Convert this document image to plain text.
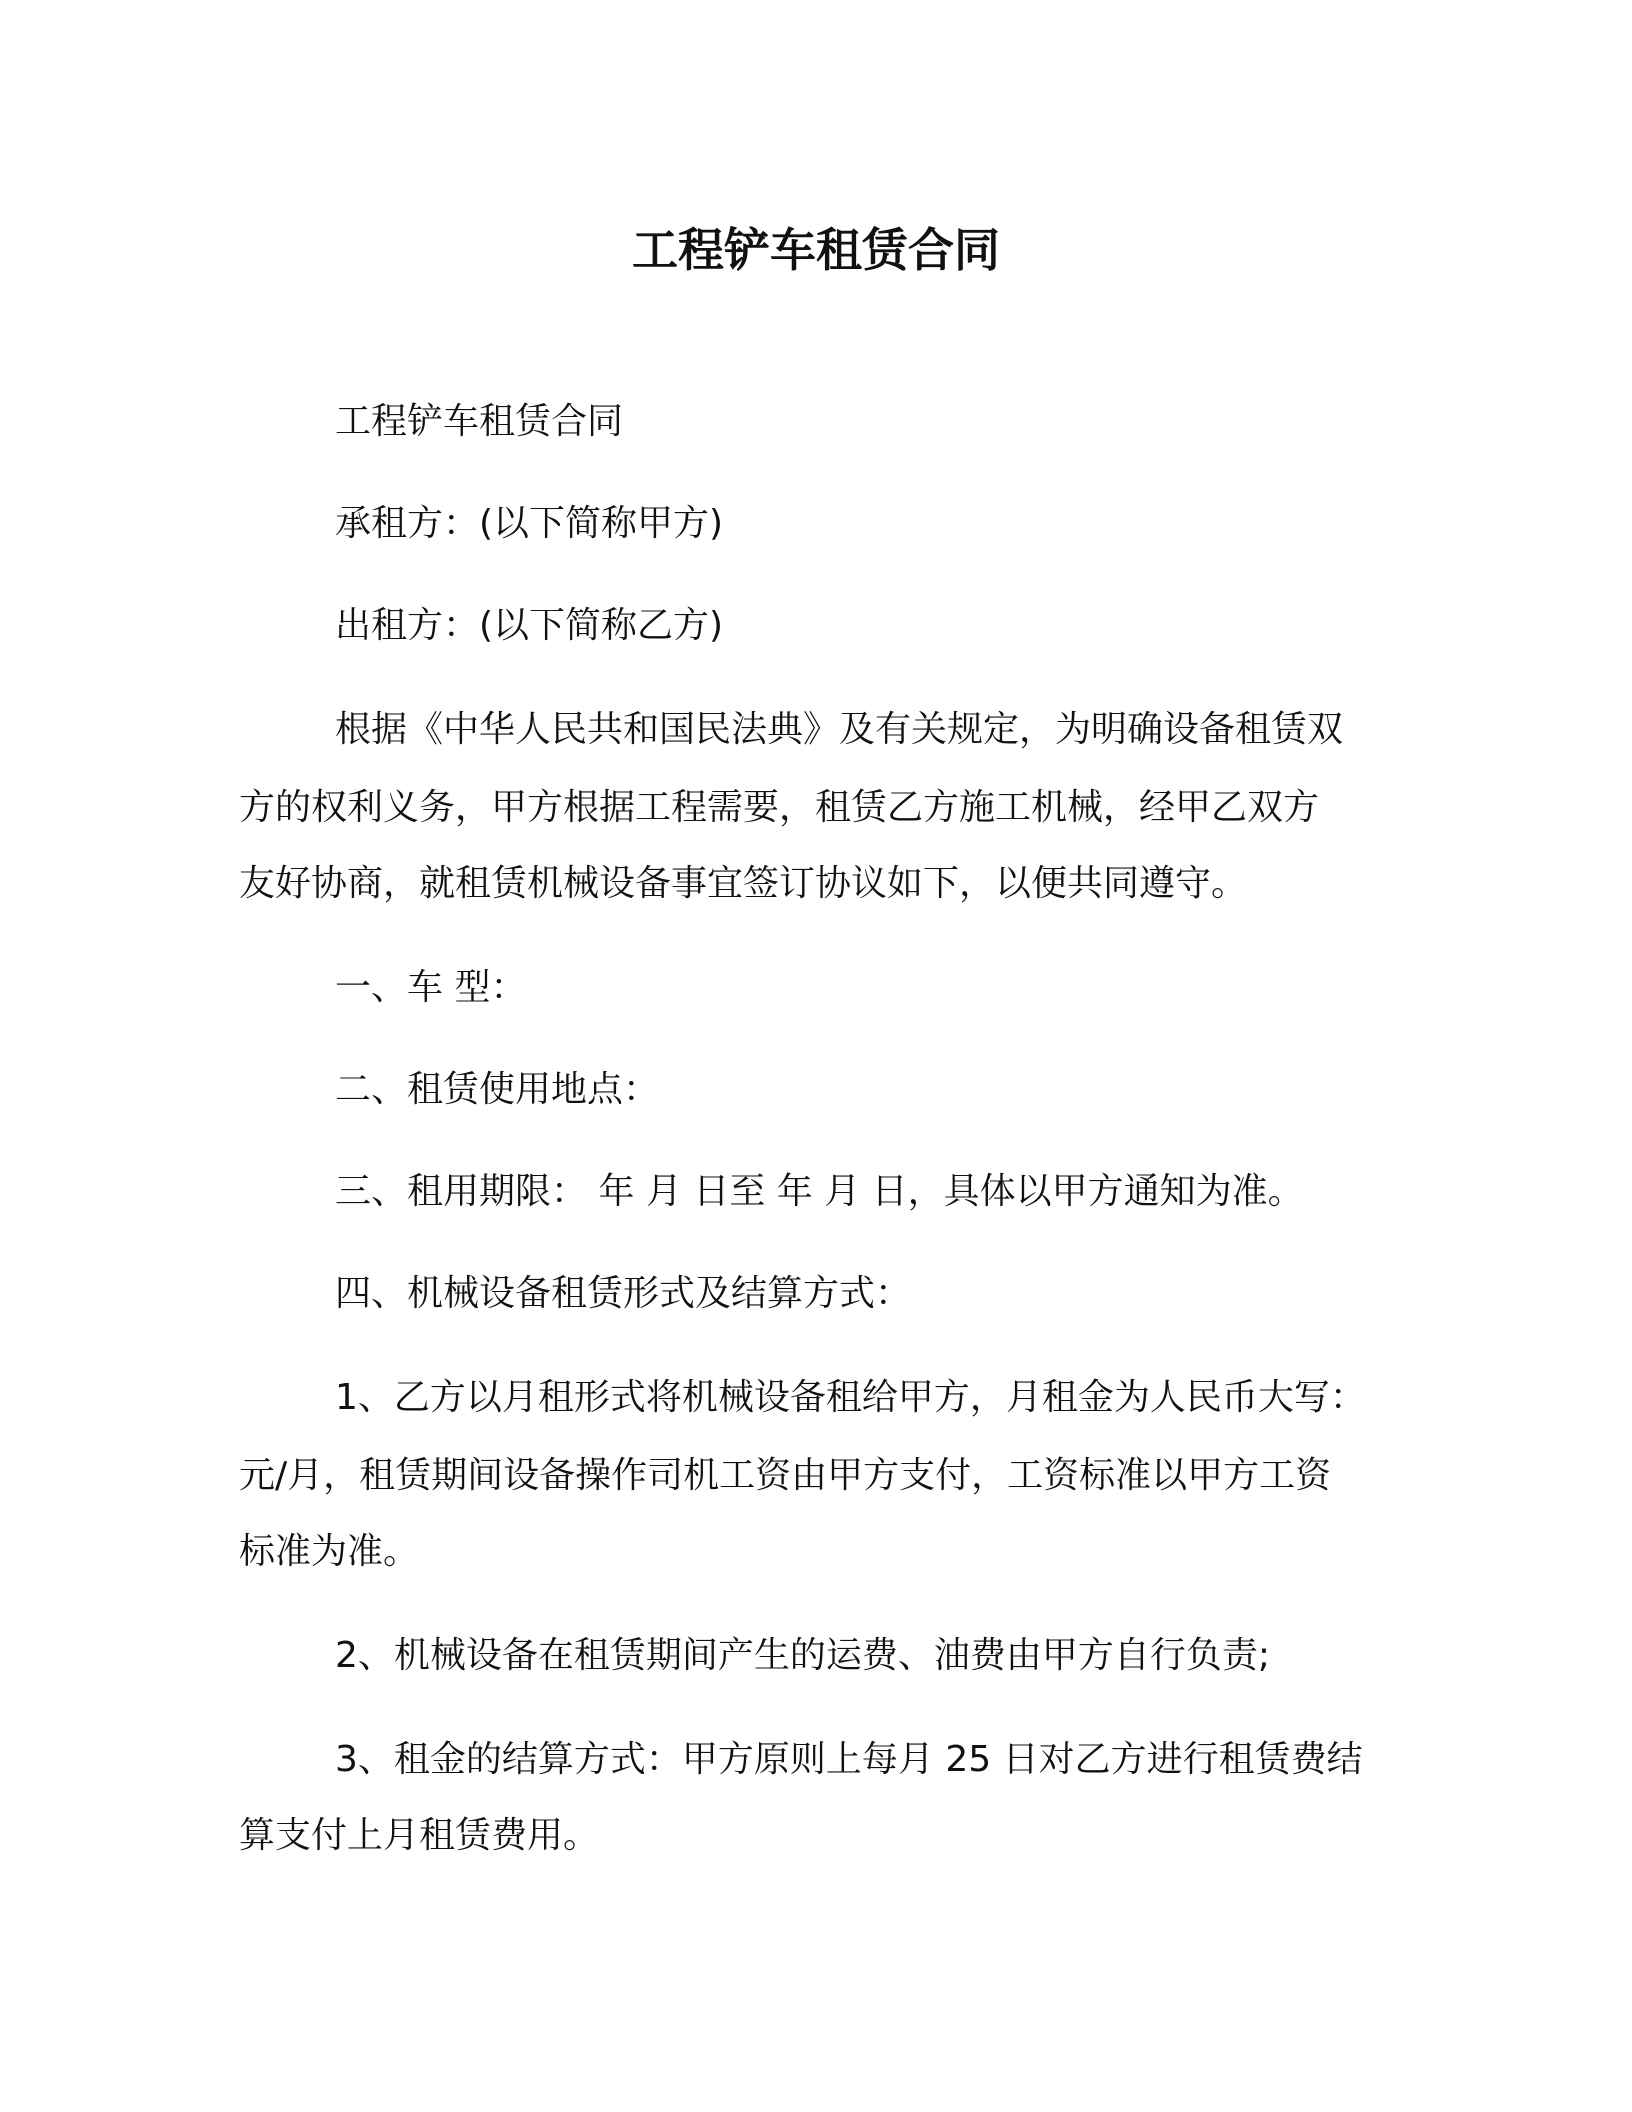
工程铲车租赁合同
工程铲车租赁合同
承租方：(以下简称甲方)
出租方：(以下简称乙方)
根据《中华人民共和国民法典》及有关规定，为明确设备租赁双
方的权利义务，甲方根据工程需要，租赁乙方施工机械，经甲乙双方
友好协商，就租赁机械设备事宜签订协议如下，以便共同遵守。
一、车 型：
二、租赁使用地点：
三、租用期限： 年 月 日至 年 月 日，具体以甲方通知为准。
四、机械设备租赁形式及结算方式：
1、乙方以月租形式将机械设备租给甲方，月租金为人民币大写：
元/月，租赁期间设备操作司机工资由甲方支付，工资标准以甲方工资
标准为准。
2、机械设备在租赁期间产生的运费、油费由甲方自行负责;
3、租金的结算方式：甲方原则上每月 25 日对乙方进行租赁费结
算支付上月租赁费用。
